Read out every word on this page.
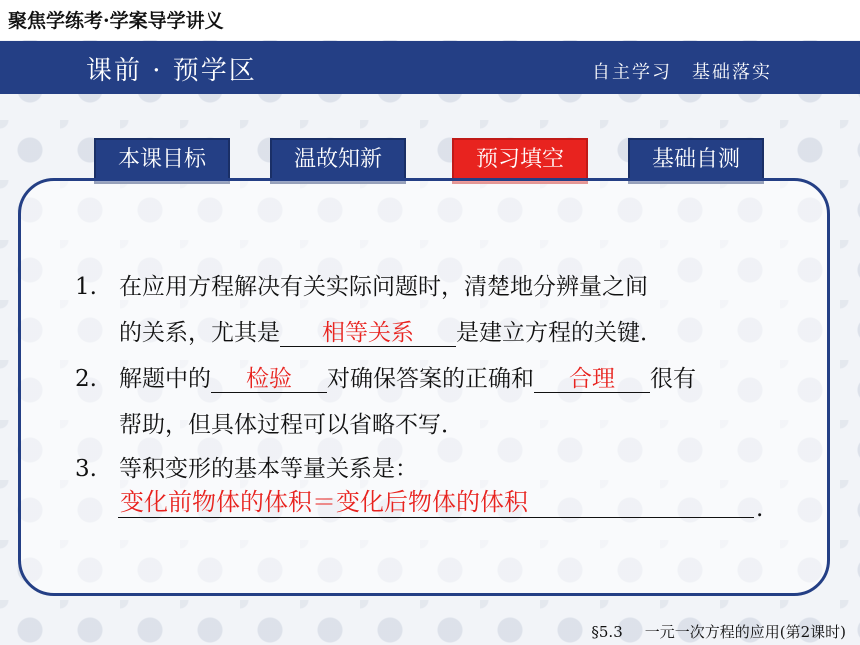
聚焦学练考·学案导学讲义
课前 · 预学区	自主学习　基础落实
本课目标	温故知新	预习填空	基础自测
1. 在应用方程解决有关实际问题时，清楚地分辨量之间
的关系，尤其是 相等关系 是建立方程的关键．
2. 解题中的 检验 对确保答案的正确和 合理 很有
帮助，但具体过程可以省略不写．
3. 等积变形的基本等量关系是：
变化前物体的体积＝变化后物体的体积	.
§5.3 一元一次方程的应用(第2课时)
